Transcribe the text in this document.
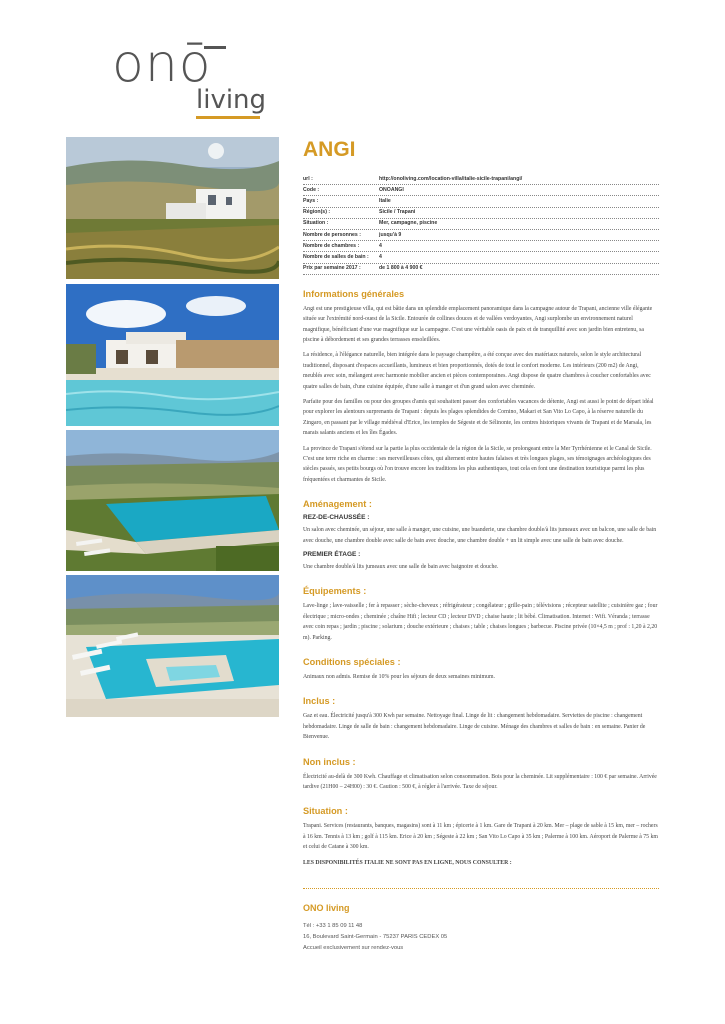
onō
living
ANGI
url :	http://onoliving.com/location-villa/italie-sicile-trapani/angi/
Code :	ONOANGI
Pays :	Italie
Région(s) :	Sicile / Trapani
Situation :	Mer, campagne, piscine
Nombre de personnes :	jusqu'à 9
Nombre de chambres :	4
Nombre de salles de bain :	4
Prix par semaine 2017 :	de 1 800 à 4 900 €
Informations générales

Angi est une prestigieuse villa, qui est bâtie dans un splendide emplacement panoramique dans la campagne autour de Trapani, ancienne ville élégante située sur l'extrémité nord-ouest de la Sicile. Entourée de collines douces et de vallées verdoyantes, Angi surplombe un environnement naturel magnifique, bénéficiant d'une vue magnifique sur la campagne. C'est une véritable oasis de paix et de tranquillité avec son jardin bien entretenu, sa piscine à débordement et ses grandes terrasses ensoleillées.

La résidence, à l'élégance naturelle, bien intégrée dans le paysage champêtre, a été conçue avec des matériaux naturels, selon le style architectural traditionnel, disposant d'espaces accueillants, lumineux et bien proportionnés, dotés de tout le confort moderne. Les intérieurs (200 m2) de Angi, meublés avec soin, mélangent avec harmonie mobilier ancien et pièces contemporaines. Angi dispose de quatre chambres à coucher confortables avec quatre salles de bain, d'une cuisine équipée, d'une salle à manger et d'un grand salon avec cheminée.

Parfaite pour des familles ou pour des groupes d'amis qui souhaitent passer des confortables vacances de détente, Angi est aussi le point de départ idéal pour explorer les alentours surprenants de Trapani : depuis les plages splendides de Cornino, Makari et San Vito Lo Capo, à la réserve naturelle du Zingaro, en passant par le village médiéval d'Erice, les temples de Ségeste et de Sélinonte, les centres historiques vivants de Trapani et de Marsala, les marais salants anciens et les îles Égades.

La province de Trapani s'étend sur la partie la plus occidentale de la région de la Sicile, se prolongeant entre la Mer Tyrrhénienne et le Canal de Sicile. C'est une terre riche en charme : ses merveilleuses côtes, qui alternent entre hautes falaises et très longues plages, ses témoignages archéologiques des siècles passés, ses petits bourgs où l'on trouve encore les traditions les plus authentiques, tout cela en font une destination touristique parmi les plus fréquentées et charmantes de Sicile.

Aménagement :
REZ-DE-CHAUSSÉE :

Un salon avec cheminée, un séjour, une salle à manger, une cuisine, une buanderie, une chambre double/à lits jumeaux avec un balcon, une salle de bain avec douche, une chambre double avec salle de bain avec douche, une chambre double + un lit simple avec une salle de bain avec douche.

PREMIER ÉTAGE :

Une chambre double/à lits jumeaux avec une salle de bain avec baignoire et douche.

Équipements :

Lave-linge ; lave-vaisselle ; fer à repasser ; sèche-cheveux ; réfrigérateur ; congélateur ; grille-pain ; télévisions ; récepteur satellite ; cuisinière gaz ; four électrique ; micro-ondes ; cheminée ; chaîne Hifi ; lecteur CD ; lecteur DVD ; chaise haute ; lit bébé. Climatisation. Internet : Wifi. Véranda ; terrasse avec coin repas ; jardin ; piscine ; solarium ; douche extérieure ; chaises ; table ; chaises longues ; barbecue. Piscine privée (10×4,5 m ; prof : 1,20 à 2,20 m). Parking.

Conditions spéciales :

Animaux non admis. Remise de 10% pour les séjours de deux semaines minimum.

Inclus :

Gaz et eau. Électricité jusqu'à 300 Kwh par semaine. Nettoyage final. Linge de lit : changement hebdomadaire. Serviettes de piscine : changement hebdomadaire. Linge de salle de bain : changement hebdomadaire. Linge de cuisine. Ménage des chambres et salles de bain : en semaine. Panier de Bienvenue.

Non inclus :

Électricité au-delà de 300 Kwh. Chauffage et climatisation selon consommation. Bois pour la cheminée. Lit supplémentaire : 100 € par semaine. Arrivée tardive (21H00 – 24H00) : 30 €. Caution : 500 €, à régler à l'arrivée. Taxe de séjour.

Situation :

Trapani. Services (restaurants, banques, magasins) sont à 11 km ; épicerie à 1 km. Gare de Trapani à 20 km. Mer – plage de sable à 15 km, mer – rochers à 16 km. Tennis à 13 km ; golf à 115 km. Erice à 20 km ; Ségeste à 22 km ; San Vito Lo Capo à 35 km ; Palerme à 100 km. Aéroport de Palerme à 75 km et celui de Catane à 300 km.

LES DISPONIBILITÉS ITALIE NE SONT PAS EN LIGNE, NOUS CONSULTER :

ONO living
Tél : +33 1 85 09 11 48
16, Boulevard Saint-Germain - 75237 PARIS CEDEX 05
Accueil exclusivement sur rendez-vous
